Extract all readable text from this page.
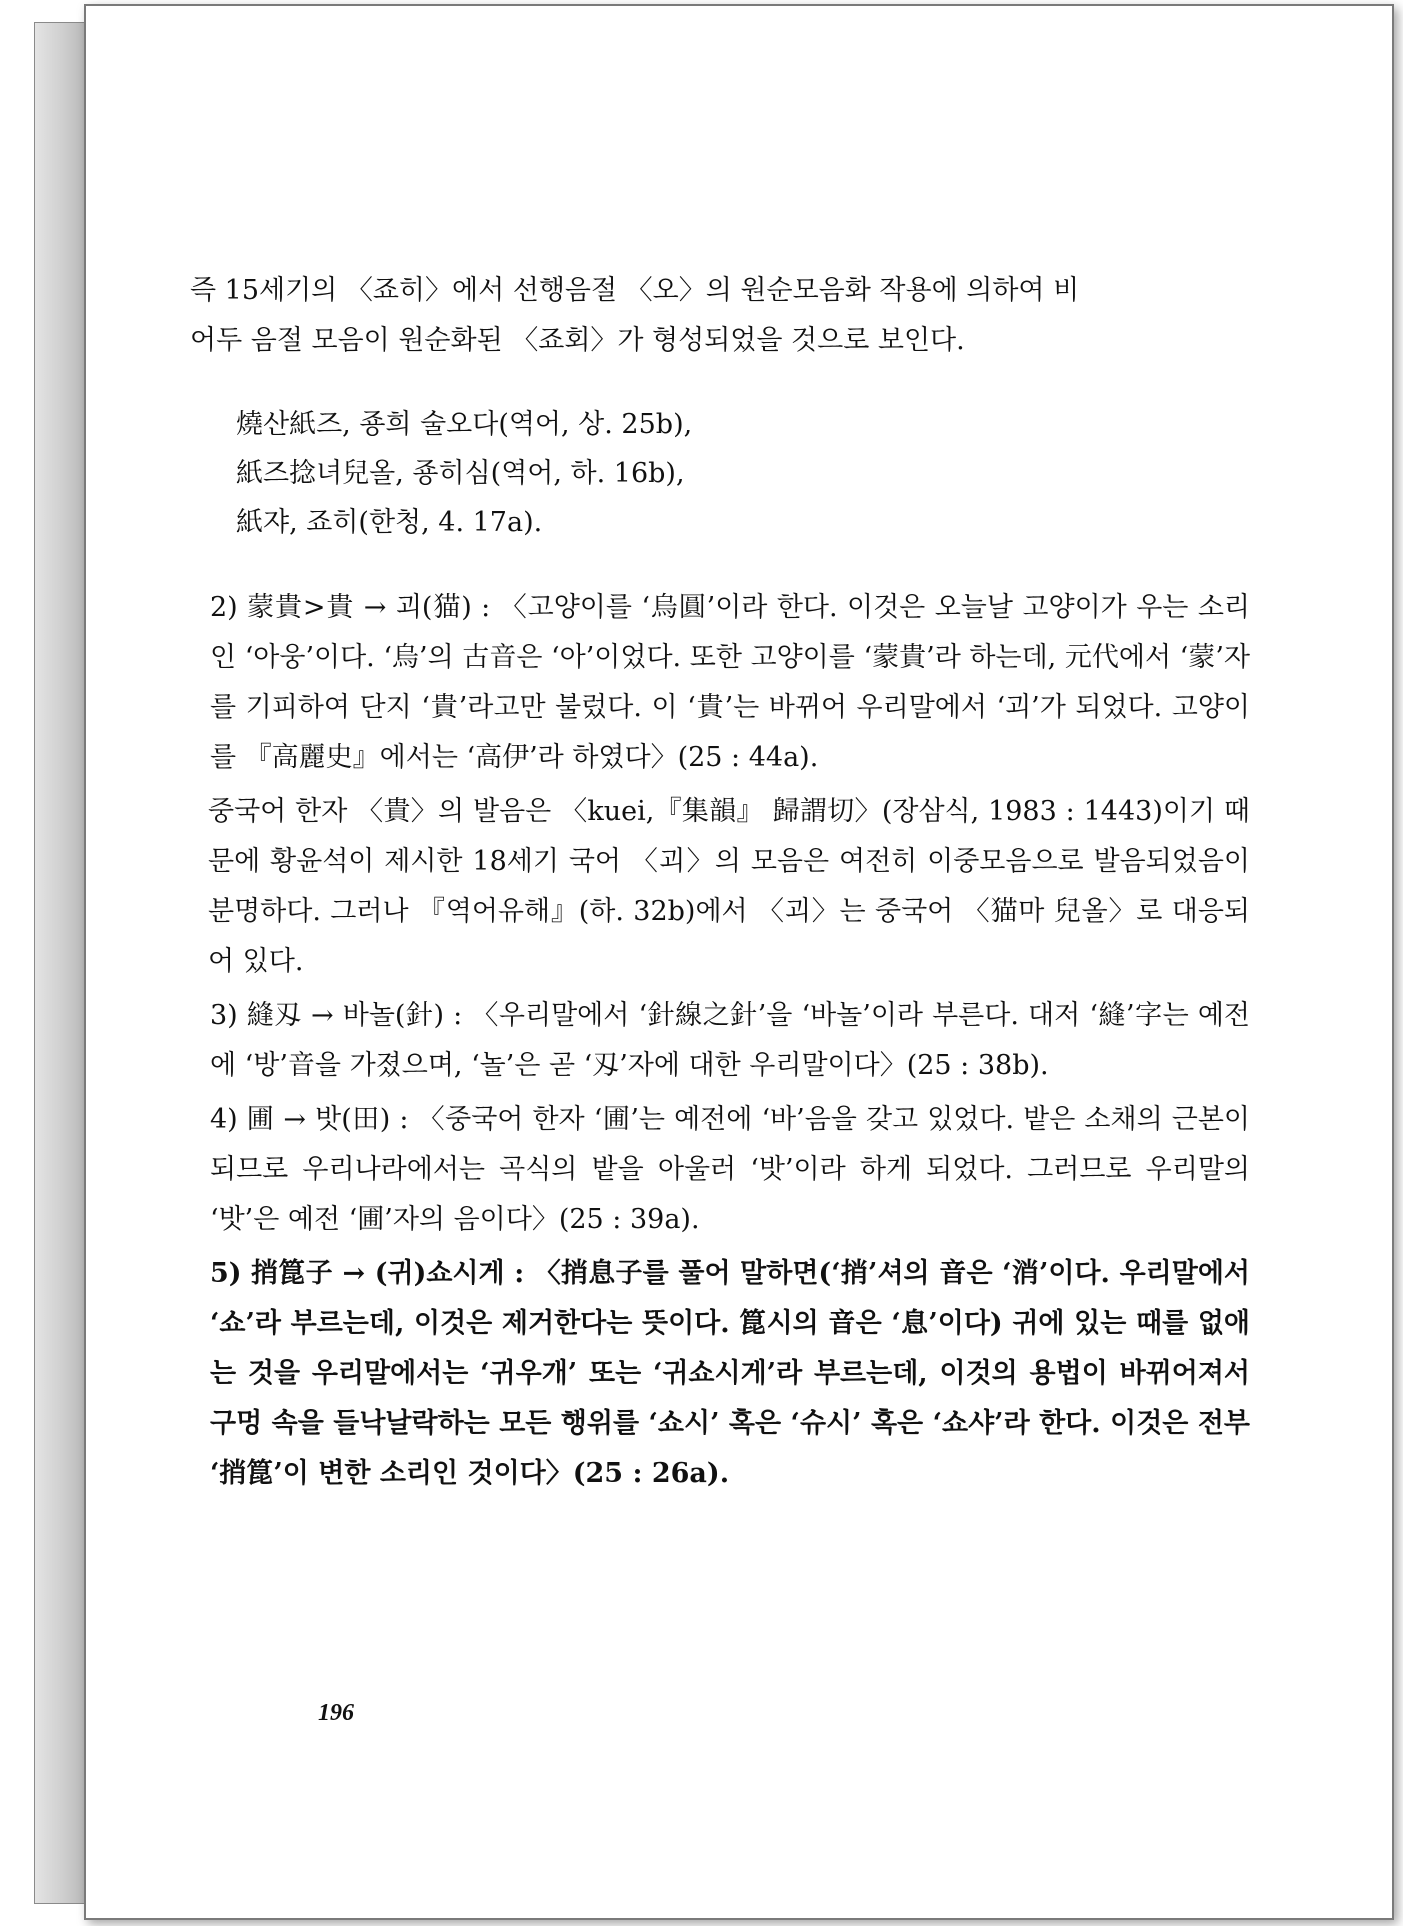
즉 15세기의 〈죠히〉에서 선행음절 〈오〉의 원순모음화 작용에 의하여 비
어두 음절 모음이 원순화된 〈죠회〉가 형성되었을 것으로 보인다.

燒산紙즈, 죵희 술오다(역어, 상. 25b),
紙즈捻녀兒올, 죵히심(역어, 하. 16b),
紙쟈, 죠히(한청, 4. 17a).

2) 蒙貴>貴 → 괴(猫) : 〈고양이를 ‘烏圓’이라 한다. 이것은 오늘날 고양이가 우는 소리인 ‘아웅’이다. ‘烏’의 古音은 ‘아’이었다. 또한 고양이를 ‘蒙貴’라 하는데, 元代에서 ‘蒙’자를 기피하여 단지 ‘貴’라고만 불렀다. 이 ‘貴’는 바뀌어 우리말에서 ‘괴’가 되었다. 고양이를 『高麗史』에서는 ‘高伊’라 하였다〉(25 : 44a).

중국어 한자 〈貴〉의 발음은 〈kuei,『集韻』 歸謂切〉(장삼식, 1983 : 1443)이기 때문에 황윤석이 제시한 18세기 국어 〈괴〉의 모음은 여전히 이중모음으로 발음되었음이 분명하다. 그러나 『역어유해』(하. 32b)에서 〈괴〉는 중국어 〈猫마 兒올〉로 대응되어 있다.

3) 縫刄 → 바놀(針) : 〈우리말에서 ‘針線之針’을 ‘바놀’이라 부른다. 대저 ‘縫’字는 예전에 ‘방’音을 가졌으며, ‘놀’은 곧 ‘刄’자에 대한 우리말이다〉(25 : 38b).

4) 圃 → 밧(田) : 〈중국어 한자 ‘圃’는 예전에 ‘바’음을 갖고 있었다. 밭은 소채의 근본이 되므로 우리나라에서는 곡식의 밭을 아울러 ‘밧’이라 하게 되었다. 그러므로 우리말의 ‘밧’은 예전 ‘圃’자의 음이다〉(25 : 39a).

5) 捎箟子 → (귀)쇼시게 : 〈捎息子를 풀어 말하면(‘捎’셔의 音은 ‘消’이다. 우리말에서 ‘쇼’라 부르는데, 이것은 제거한다는 뜻이다. 箟시의 音은 ‘息’이다) 귀에 있는 때를 없애는 것을 우리말에서는 ‘귀우개’ 또는 ‘귀쇼시게’라 부르는데, 이것의 용법이 바뀌어져서 구멍 속을 들낙날락하는 모든 행위를 ‘쇼시’ 혹은 ‘슈시’ 혹은 ‘쇼샤’라 한다. 이것은 전부 ‘捎箟’이 변한 소리인 것이다〉(25 : 26a).

196
